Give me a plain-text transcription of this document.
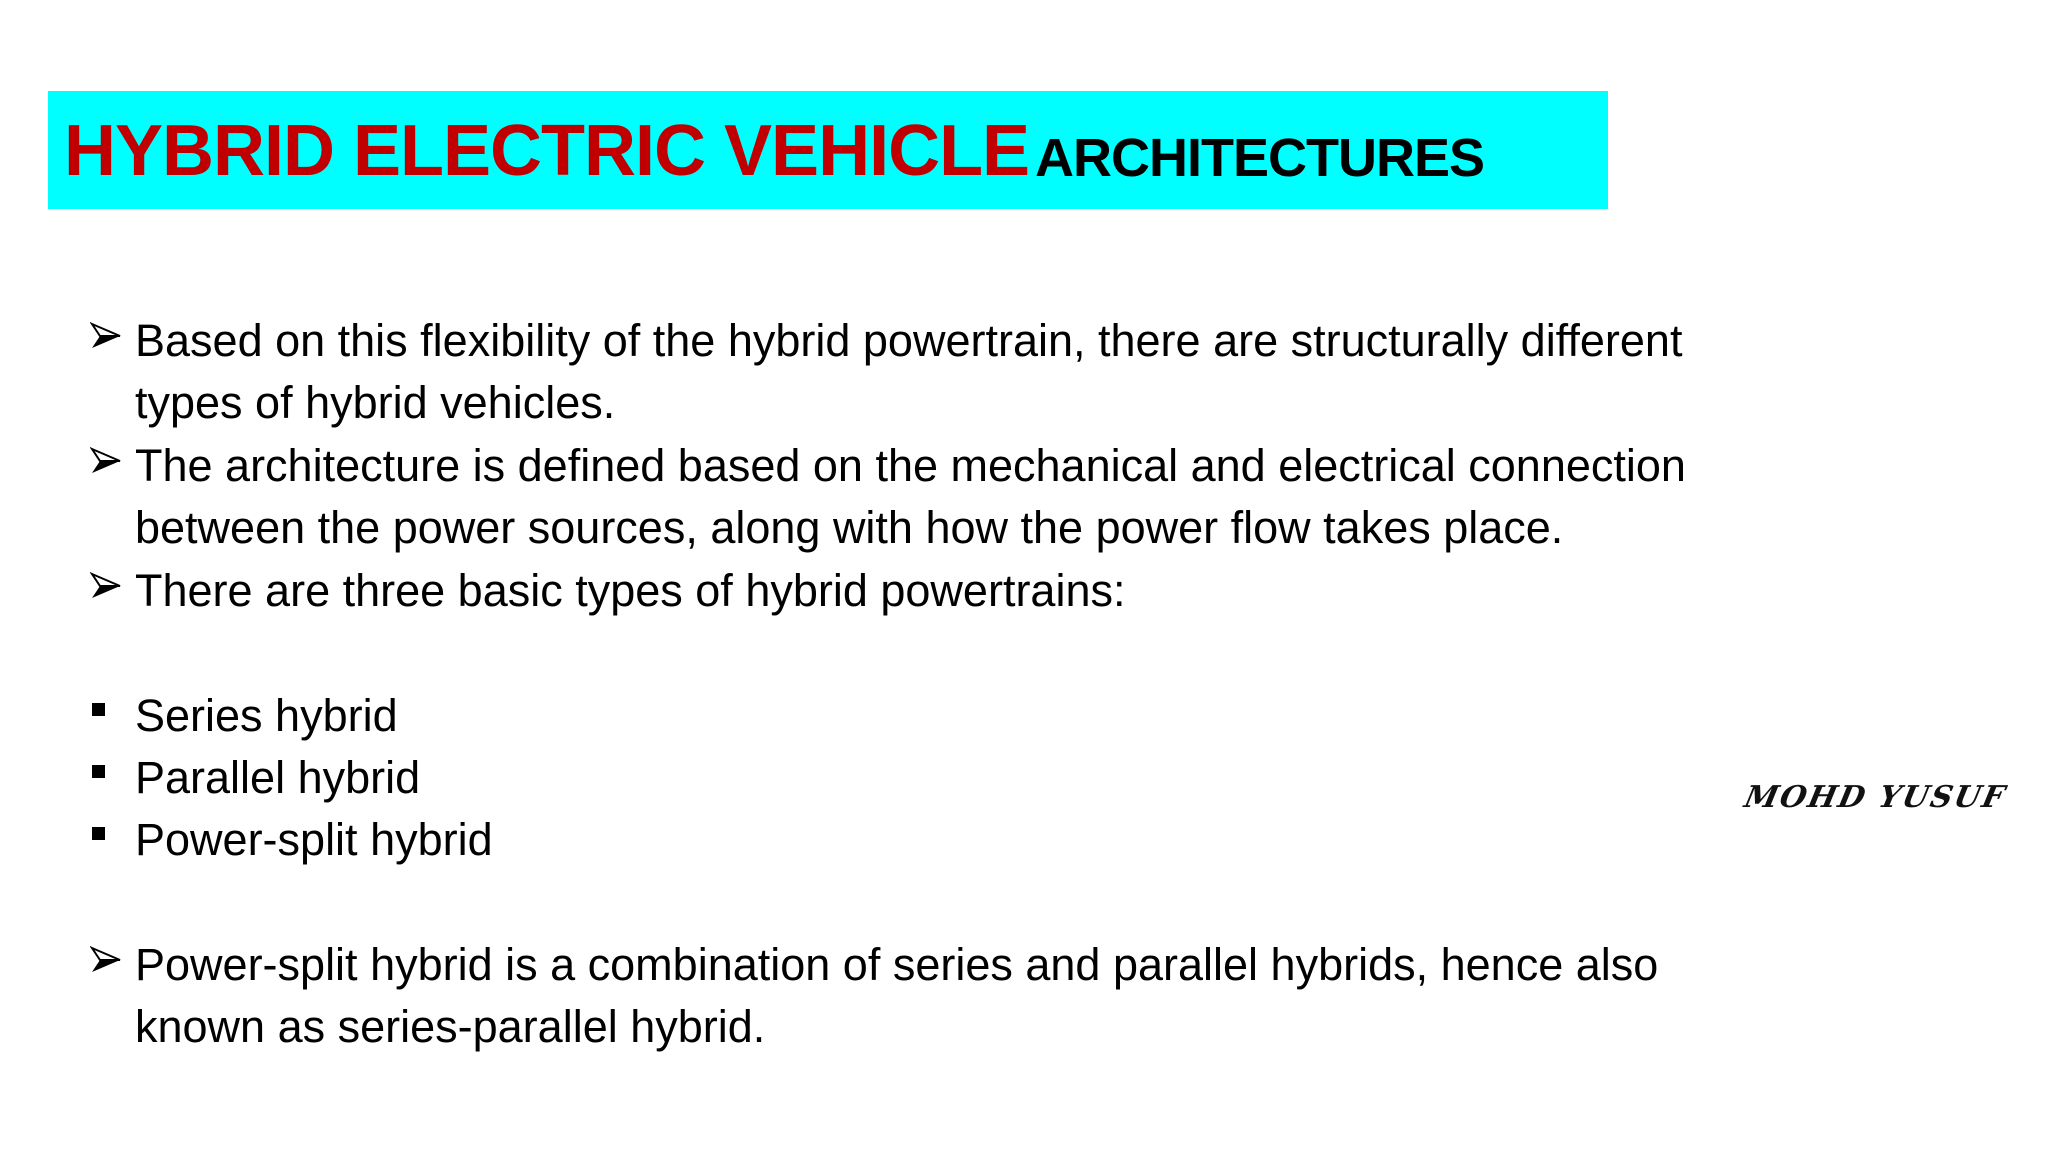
HYBRID ELECTRIC VEHICLE ARCHITECTURES
Based on this flexibility of the hybrid powertrain, there are structurally different
types of hybrid vehicles.
The architecture is defined based on the mechanical and electrical connection
between the power sources, along with how the power flow takes place.
There are three basic types of hybrid powertrains:
Series hybrid
Parallel hybrid
Power-split hybrid
Power-split hybrid is a combination of series and parallel hybrids, hence also
known as series-parallel hybrid.
MOHD YUSUF
